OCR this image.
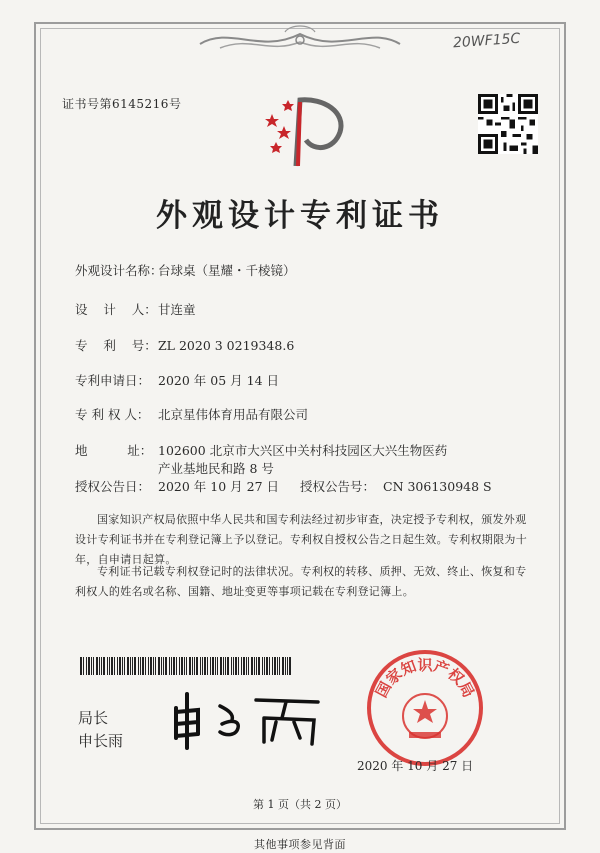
20WF15C
证书号第6145216号
外观设计专利证书
外观设计名称：台球桌（星耀・千棱镜）
设    计    人：甘连童
专    利    号：ZL 2020 3 0219348.6
专利申请日： 2020 年 05 月 14 日
专 利 权 人： 北京星伟体育用品有限公司
地          址： 102600 北京市大兴区中关村科技园区大兴生物医药产业基地民和路 8 号
授权公告日： 2020 年 10 月 27 日	授权公告号： CN 306130948 S
国家知识产权局依照中华人民共和国专利法经过初步审查，决定授予专利权，颁发外观设计专利证书并在专利登记簿上予以登记。专利权自授权公告之日起生效。专利权期限为十年，自申请日起算。
专利证书记载专利权登记时的法律状况。专利权的转移、质押、无效、终止、恢复和专利权人的姓名或名称、国籍、地址变更等事项记载在专利登记簿上。
局长
申长雨
国家知识产权局
2020 年 10 月 27 日
第 1 页（共 2 页）
其他事项参见背面
